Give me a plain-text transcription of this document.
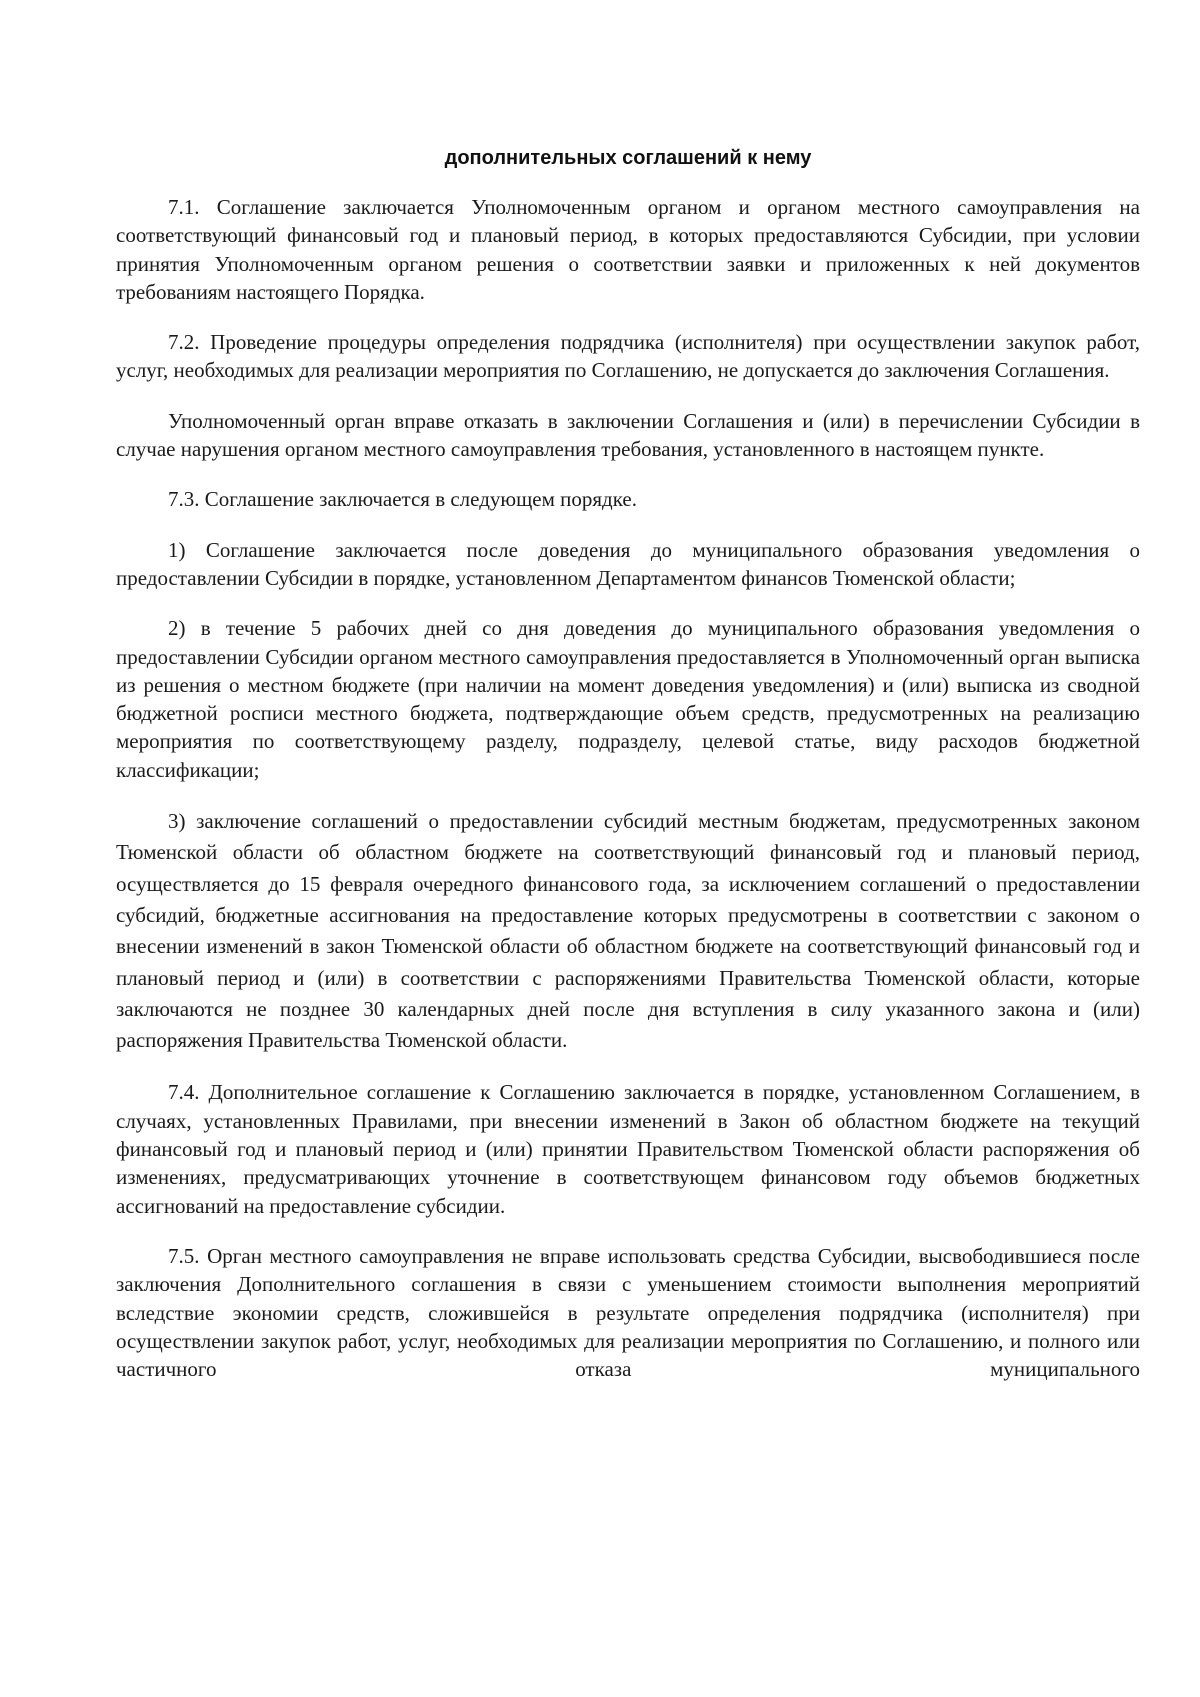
дополнительных соглашений к нему

7.1. Соглашение заключается Уполномоченным органом и органом местного самоуправления на соответствующий финансовый год и плановый период, в которых предоставляются Субсидии, при условии принятия Уполномоченным органом решения о соответствии заявки и приложенных к ней документов требованиям настоящего Порядка.

7.2. Проведение процедуры определения подрядчика (исполнителя) при осуществлении закупок работ, услуг, необходимых для реализации мероприятия по Соглашению, не допускается до заключения Соглашения.

Уполномоченный орган вправе отказать в заключении Соглашения и (или) в перечислении Субсидии в случае нарушения органом местного самоуправления требования, установленного в настоящем пункте.

7.3. Соглашение заключается в следующем порядке.

1) Соглашение заключается после доведения до муниципального образования уведомления о предоставлении Субсидии в порядке, установленном Департаментом финансов Тюменской области;

2) в течение 5 рабочих дней со дня доведения до муниципального образования уведомления о предоставлении Субсидии органом местного самоуправления предоставляется в Уполномоченный орган выписка из решения о местном бюджете (при наличии на момент доведения уведомления) и (или) выписка из сводной бюджетной росписи местного бюджета, подтверждающие объем средств, предусмотренных на реализацию мероприятия по соответствующему разделу, подразделу, целевой статье, виду расходов бюджетной классификации;

3) заключение соглашений о предоставлении субсидий местным бюджетам, предусмотренных законом Тюменской области об областном бюджете на соответствующий финансовый год и плановый период, осуществляется до 15 февраля очередного финансового года, за исключением соглашений о предоставлении субсидий, бюджетные ассигнования на предоставление которых предусмотрены в соответствии с законом о внесении изменений в закон Тюменской области об областном бюджете на соответствующий финансовый год и плановый период и (или) в соответствии с распоряжениями Правительства Тюменской области, которые заключаются не позднее 30 календарных дней после дня вступления в силу указанного закона и (или) распоряжения Правительства Тюменской области.

7.4. Дополнительное соглашение к Соглашению заключается в порядке, установленном Соглашением, в случаях, установленных Правилами, при внесении изменений в Закон об областном бюджете на текущий финансовый год и плановый период и (или) принятии Правительством Тюменской области распоряжения об изменениях, предусматривающих уточнение в соответствующем финансовом году объемов бюджетных ассигнований на предоставление субсидии.

7.5. Орган местного самоуправления не вправе использовать средства Субсидии, высвободившиеся после заключения Дополнительного соглашения в связи с уменьшением стоимости выполнения мероприятий вследствие экономии средств, сложившейся в результате определения подрядчика (исполнителя) при осуществлении закупок работ, услуг, необходимых для реализации мероприятия по Соглашению, и полного или частичного отказа муниципального
